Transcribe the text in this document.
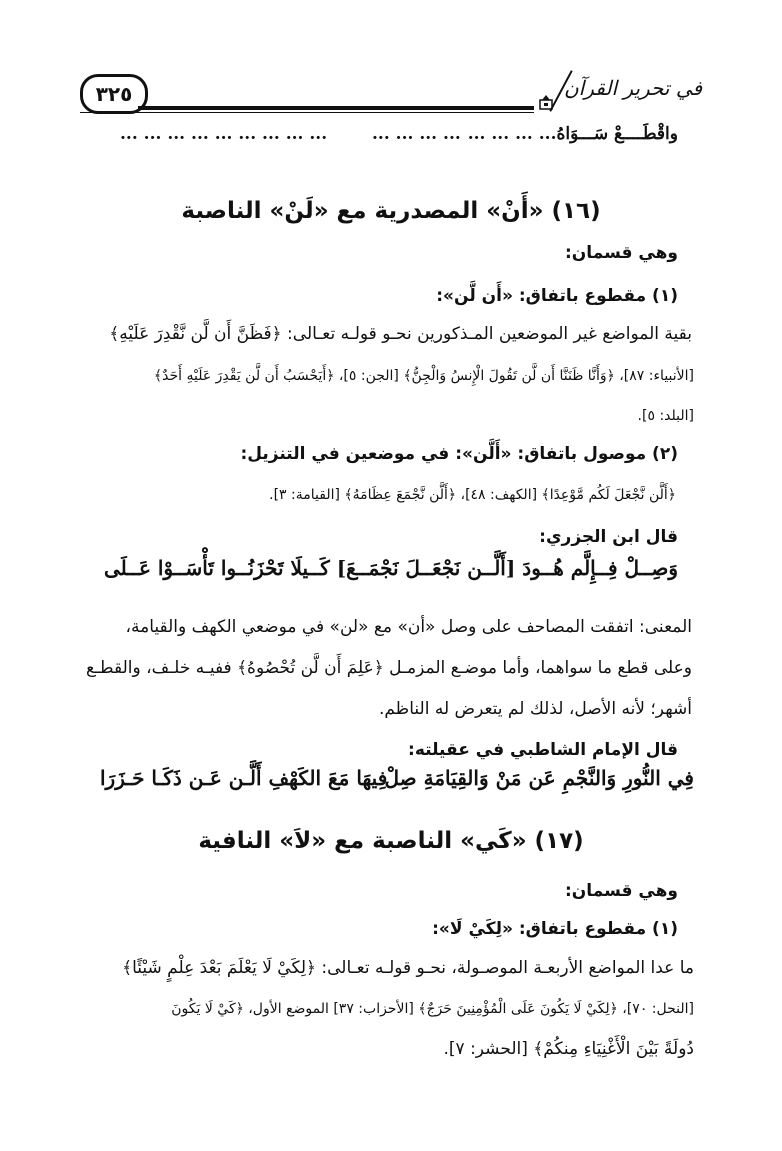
٣٢٥	في تحرير القرآن
واقْطَــــعْ سَـــوَاهُ... ... ... ...
... ... ... ...
... ... ... ... ... ... ... ... ...
(١٦) «أَنْ» المصدرية مع «لَنْ» الناصبة
وهي قسمان:
(١) مقطوع باتفاق: «أَن لَّن»:
بقية المواضع غير الموضعين المـذكورين نحـو قولـه تعـالى: ﴿فَظَنَّ أَن لَّن نَّقْدِرَ عَلَيْهِ﴾
[الأنبياء: ٨٧]، ﴿وَأَنَّا ظَنَنَّا أَن لَّن تَقُولَ الْإِنسُ وَالْجِنُّ﴾ [الجن: ٥]، ﴿أَيَحْسَبُ أَن لَّن يَقْدِرَ عَلَيْهِ أَحَدٌ﴾
[البلد: ٥].
(٢) موصول باتفاق: «أَلَّن»: في موضعين في التنزيل:
﴿أَلَّن نَّجْعَلَ لَكُم مَّوْعِدًا﴾ [الكهف: ٤٨]، ﴿أَلَّن نَّجْمَعَ عِظَامَهُ﴾ [القيامة: ٣].
قال ابن الجزري:
وَصِــلْ فِــإِلَّم هُــودَ [أَلَّــن نَجْعَــلَ
نَجْمَــعَ] كَــيلَا تَحْزَنُــوا تَأْسَــوْا عَــلَى
المعنى: اتفقت المصاحف على وصل «أن» مع «لن» في موضعي الكهف والقيامة،
وعلى قطع ما سواهما، وأما موضـع المزمـل ﴿عَلِمَ أَن لَّن تُحْصُوهُ﴾ ففيـه خلـف، والقطـع
أشهر؛ لأنه الأصل، لذلك لم يتعرض له الناظم.
قال الإمام الشاطبي في عقيلته:
فِي النُّورِ وَالنَّجْمِ عَن مَنْ وَالقِيَامَةِ صِلْ
فِيهَا مَعَ الكَهْفِ أَلَّـن عَـن ذَكَـا حَـزَرَا
(١٧) «كَي» الناصبة مع «لاَ» النافية
وهي قسمان:
(١) مقطوع باتفاق: «لِكَيْ لَا»:
ما عدا المواضع الأربعـة الموصـولة، نحـو قولـه تعـالى: ﴿لِكَيْ لَا يَعْلَمَ بَعْدَ عِلْمٍ شَيْئًا﴾
[النحل: ٧٠]، ﴿لِكَيْ لَا يَكُونَ عَلَى الْمُؤْمِنِينَ حَرَجٌ﴾ [الأحزاب: ٣٧] الموضع الأول، ﴿كَيْ لَا يَكُونَ
دُولَةً بَيْنَ الْأَغْنِيَاءِ مِنكُمْ﴾ [الحشر: ٧].
